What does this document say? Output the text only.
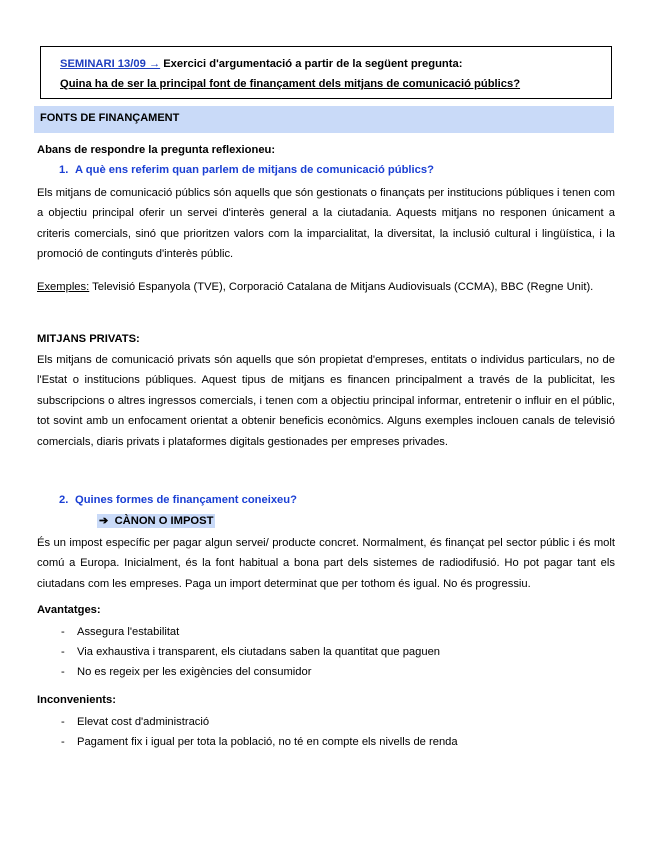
SEMINARI 13/09 → Exercici d'argumentació a partir de la següent pregunta:
Quina ha de ser la principal font de finançament dels mitjans de comunicació públics?
FONTS DE FINANÇAMENT
Abans de respondre la pregunta reflexioneu:
1. A què ens referim quan parlem de mitjans de comunicació públics?

Els mitjans de comunicació públics són aquells que són gestionats o finançats per institucions públiques i tenen com a objectiu principal oferir un servei d'interès general a la ciutadania. Aquests mitjans no responen únicament a criteris comercials, sinó que prioritzen valors com la imparcialitat, la diversitat, la inclusió cultural i lingüística, i la promoció de continguts d'interès públic.

Exemples: Televisió Espanyola (TVE), Corporació Catalana de Mitjans Audiovisuals (CCMA), BBC (Regne Unit).

MITJANS PRIVATS:

Els mitjans de comunicació privats són aquells que són propietat d'empreses, entitats o individus particulars, no de l'Estat o institucions públiques. Aquest tipus de mitjans es financen principalment a través de la publicitat, les subscripcions o altres ingressos comercials, i tenen com a objectiu principal informar, entretenir o influir en el públic, tot sovint amb un enfocament orientat a obtenir beneficis econòmics. Alguns exemples inclouen canals de televisió comercials, diaris privats i plataformes digitals gestionades per empreses privades.

2. Quines formes de finançament coneixeu?
➔ CÀNON O IMPOST

És un impost específic per pagar algun servei/ producte concret. Normalment, és finançat pel sector públic i és molt comú a Europa. Inicialment, és la font habitual a bona part dels sistemes de radiodifusió. Ho pot pagar tant els ciutadans com les empreses. Paga un import determinat que per tothom és igual. No és progressiu.

Avantatges:
- Assegura l'estabilitat
- Via exhaustiva i transparent, els ciutadans saben la quantitat que paguen
- No es regeix per les exigències del consumidor
Inconvenients:
- Elevat cost d'administració
- Pagament fix i igual per tota la població, no té en compte els nivells de renda
